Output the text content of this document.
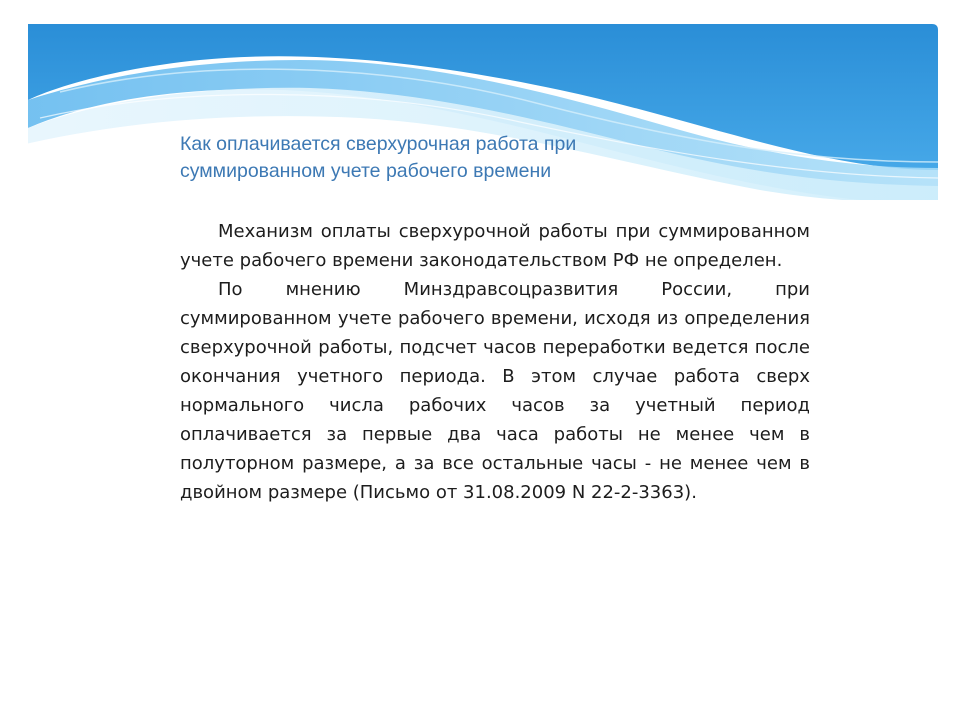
Как оплачивается сверхурочная работа при
суммированном учете рабочего времени

Механизм оплаты сверхурочной работы при суммированном учете рабочего времени законодательством РФ не определен.

По мнению Минздравсоцразвития России, при суммированном учете рабочего времени, исходя из определения сверхурочной работы, подсчет часов переработки ведется после окончания учетного периода. В этом случае работа сверх нормального числа рабочих часов за учетный период оплачивается за первые два часа работы не менее чем в полуторном размере, а за все остальные часы - не менее чем в двойном размере (Письмо от 31.08.2009 N 22-2-3363).
